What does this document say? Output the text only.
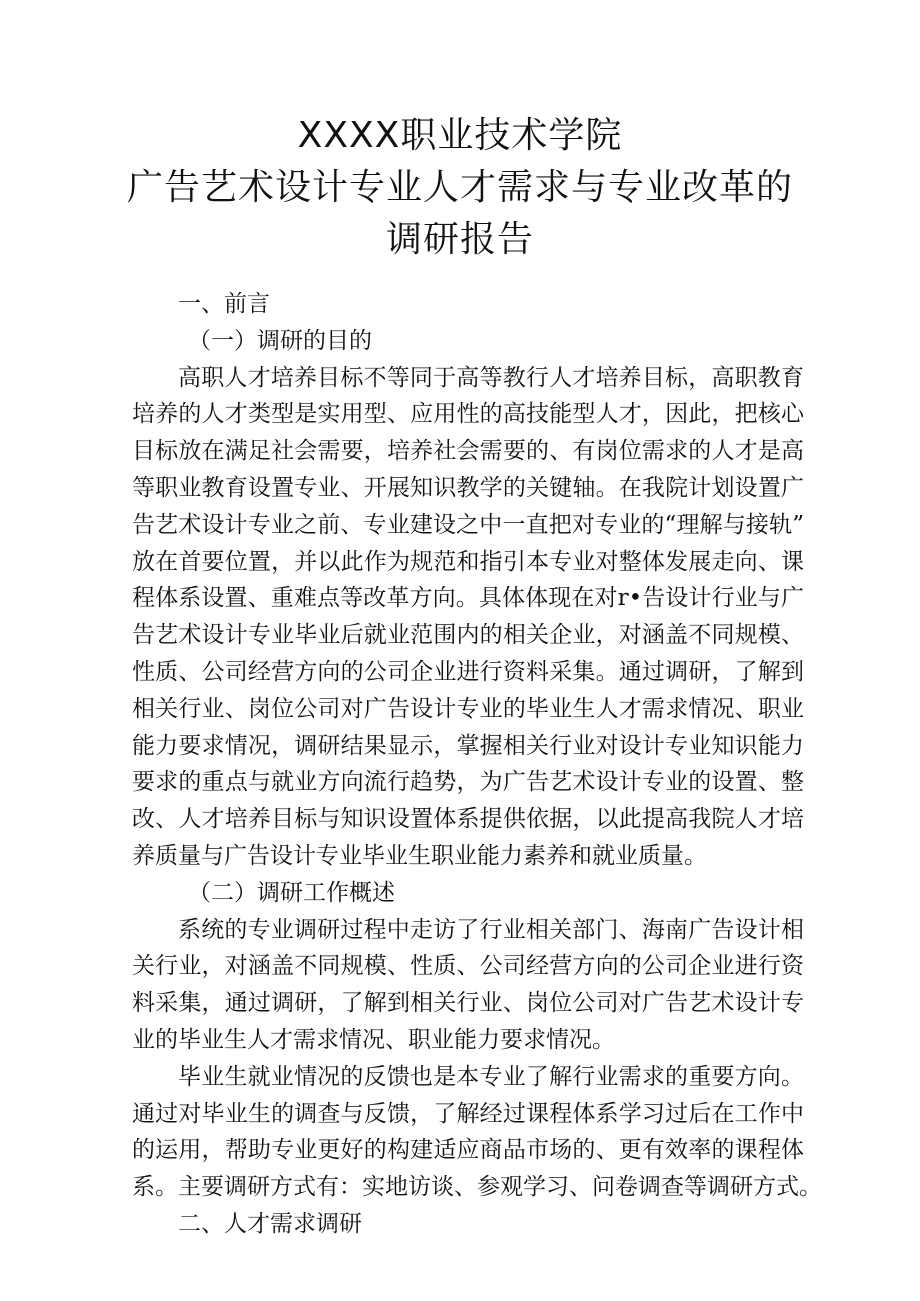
XXXX职业技术学院
广告艺术设计专业人才需求与专业改革的
调研报告
一、前言
（一）调研的目的
高职人才培养目标不等同于高等教行人才培养目标，高职教育
培养的人才类型是实用型、应用性的高技能型人才，因此，把核心
目标放在满足社会需要，培养社会需要的、有岗位需求的人才是高
等职业教育设置专业、开展知识教学的关键轴。在我院计划设置广
告艺术设计专业之前、专业建设之中一直把对专业的“理解与接轨”
放在首要位置，并以此作为规范和指引本专业对整体发展走向、课
程体系设置、重难点等改革方向。具体体现在对r•告设计行业与广
告艺术设计专业毕业后就业范围内的相关企业，对涵盖不同规模、
性质、公司经营方向的公司企业进行资料采集。通过调研，了解到
相关行业、岗位公司对广告设计专业的毕业生人才需求情况、职业
能力要求情况，调研结果显示，掌握相关行业对设计专业知识能力
要求的重点与就业方向流行趋势，为广告艺术设计专业的设置、整
改、人才培养目标与知识设置体系提供依据，以此提高我院人才培
养质量与广告设计专业毕业生职业能力素养和就业质量。
（二）调研工作概述
系统的专业调研过程中走访了行业相关部门、海南广告设计相
关行业，对涵盖不同规模、性质、公司经营方向的公司企业进行资
料采集，通过调研，了解到相关行业、岗位公司对广告艺术设计专
业的毕业生人才需求情况、职业能力要求情况。
毕业生就业情况的反馈也是本专业了解行业需求的重要方向。
通过对毕业生的调查与反馈，了解经过课程体系学习过后在工作中
的运用，帮助专业更好的构建适应商品市场的、更有效率的课程体
系。主要调研方式有：实地访谈、参观学习、问卷调查等调研方式。
二、人才需求调研
